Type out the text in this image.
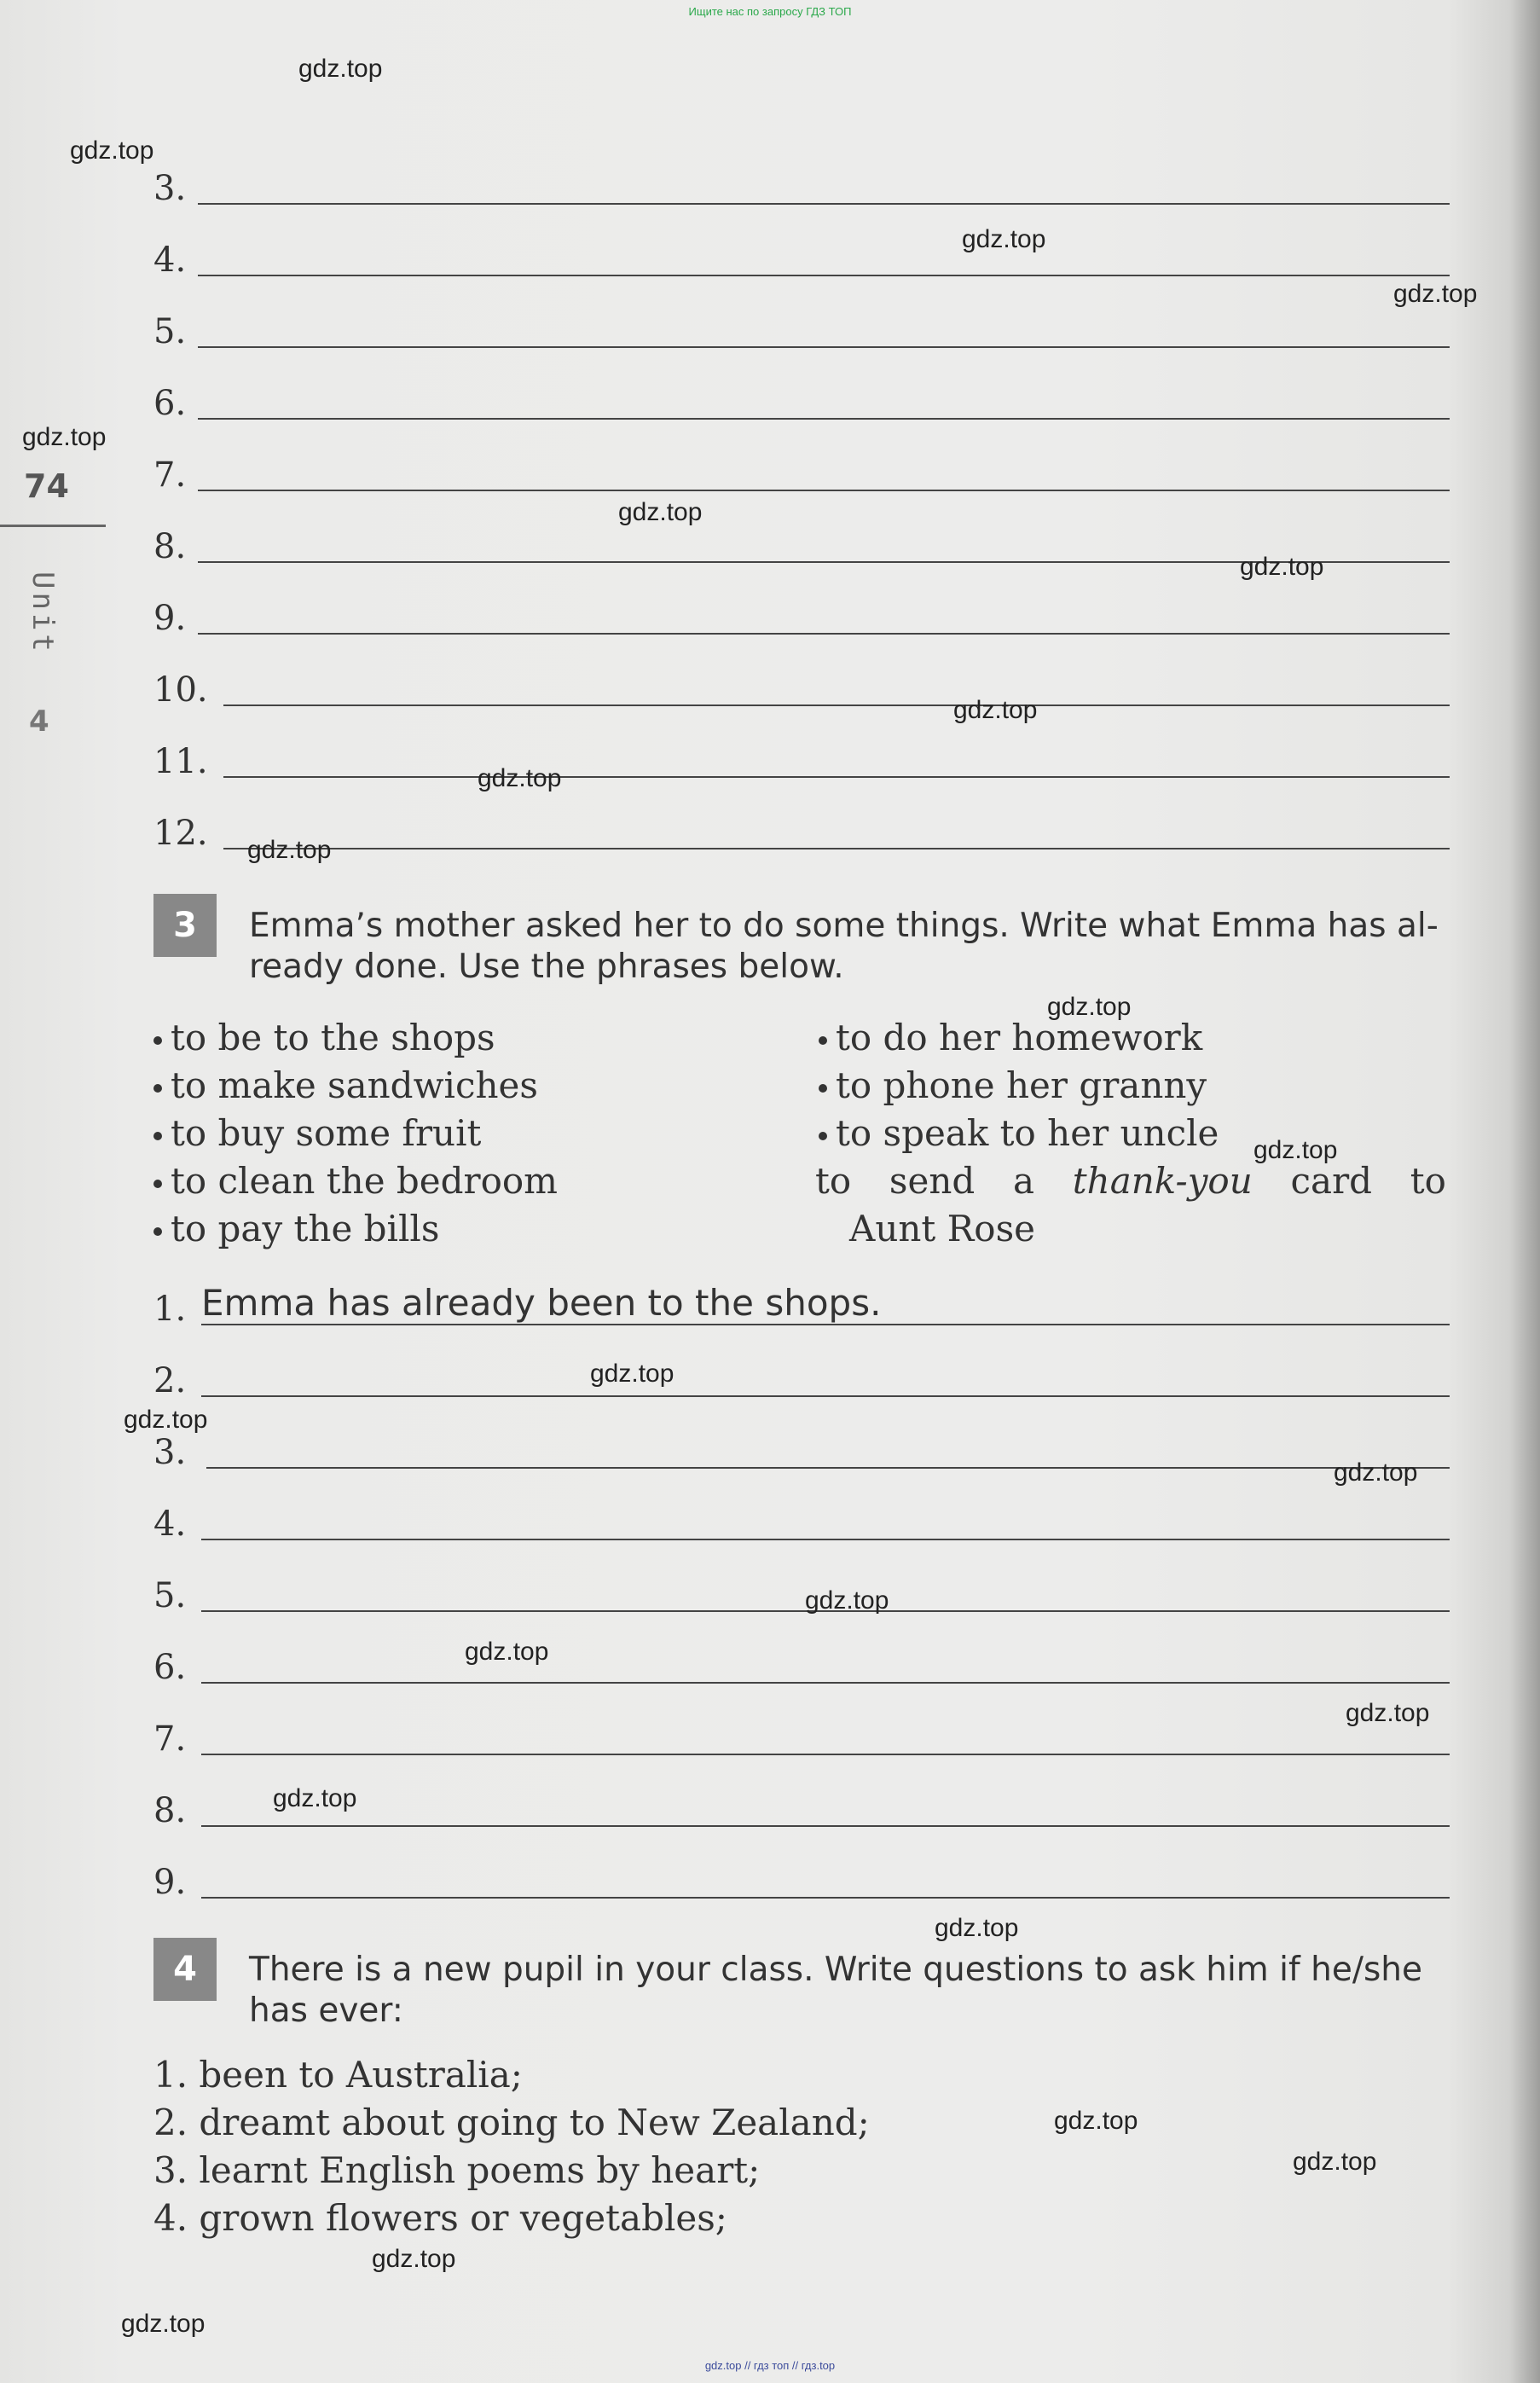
Ищите нас по запросу ГДЗ ТОП
74
Unit
4
3.
4.
5.
6.
7.
8.
9.
10.
11.
12.
3	Emma’s mother asked her to do some things. Write what Emma has al-
ready done. Use the phrases below.
to be to the shops
to make sandwiches
to buy some fruit
to clean the bedroom
to pay the bills
to do her homework
to phone her granny
to speak to her uncle
to send a thank-you card to
Aunt Rose
1. Emma has already been to the shops.
2.
3.
4.
5.
6.
7.
8.
9.
4	There is a new pupil in your class. Write questions to ask him if he/she
has ever:
1. been to Australia;
2. dreamt about going to New Zealand;
3. learnt English poems by heart;
4. grown flowers or vegetables;
gdz.top
gdz.top
gdz.top
gdz.top
gdz.top
gdz.top
gdz.top
gdz.top
gdz.top
gdz.top
gdz.top
gdz.top
gdz.top
gdz.top
gdz.top
gdz.top
gdz.top
gdz.top
gdz.top
gdz.top
gdz.top
gdz.top
gdz.top
gdz.top
gdz.top // гдз топ // гдз.top
